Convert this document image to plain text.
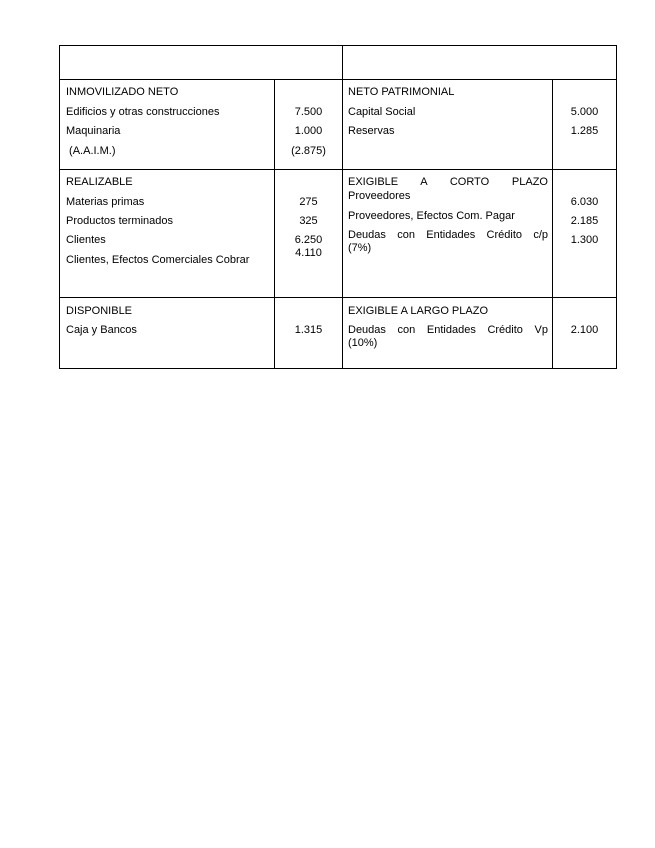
INMOVILIZADO NETO
Edificios y otras construcciones
Maquinaria
(A.A.I.M.)
7.500
1.000
(2.875)
REALIZABLE
Materias primas
Productos terminados
Clientes
Clientes, Efectos Comerciales Cobrar
275
325
6.250
4.110
DISPONIBLE
Caja y Bancos	1.315
NETO PATRIMONIAL
Capital Social
Reservas
5.000
1.285
EXIGIBLE A CORTO PLAZO
Proveedores
Proveedores, Efectos Com. Pagar
Deudas con Entidades Crédito c/p
(7%)
6.030
2.185
1.300
EXIGIBLE A LARGO PLAZO
Deudas con Entidades Crédito Vp
(10%)
2.100
